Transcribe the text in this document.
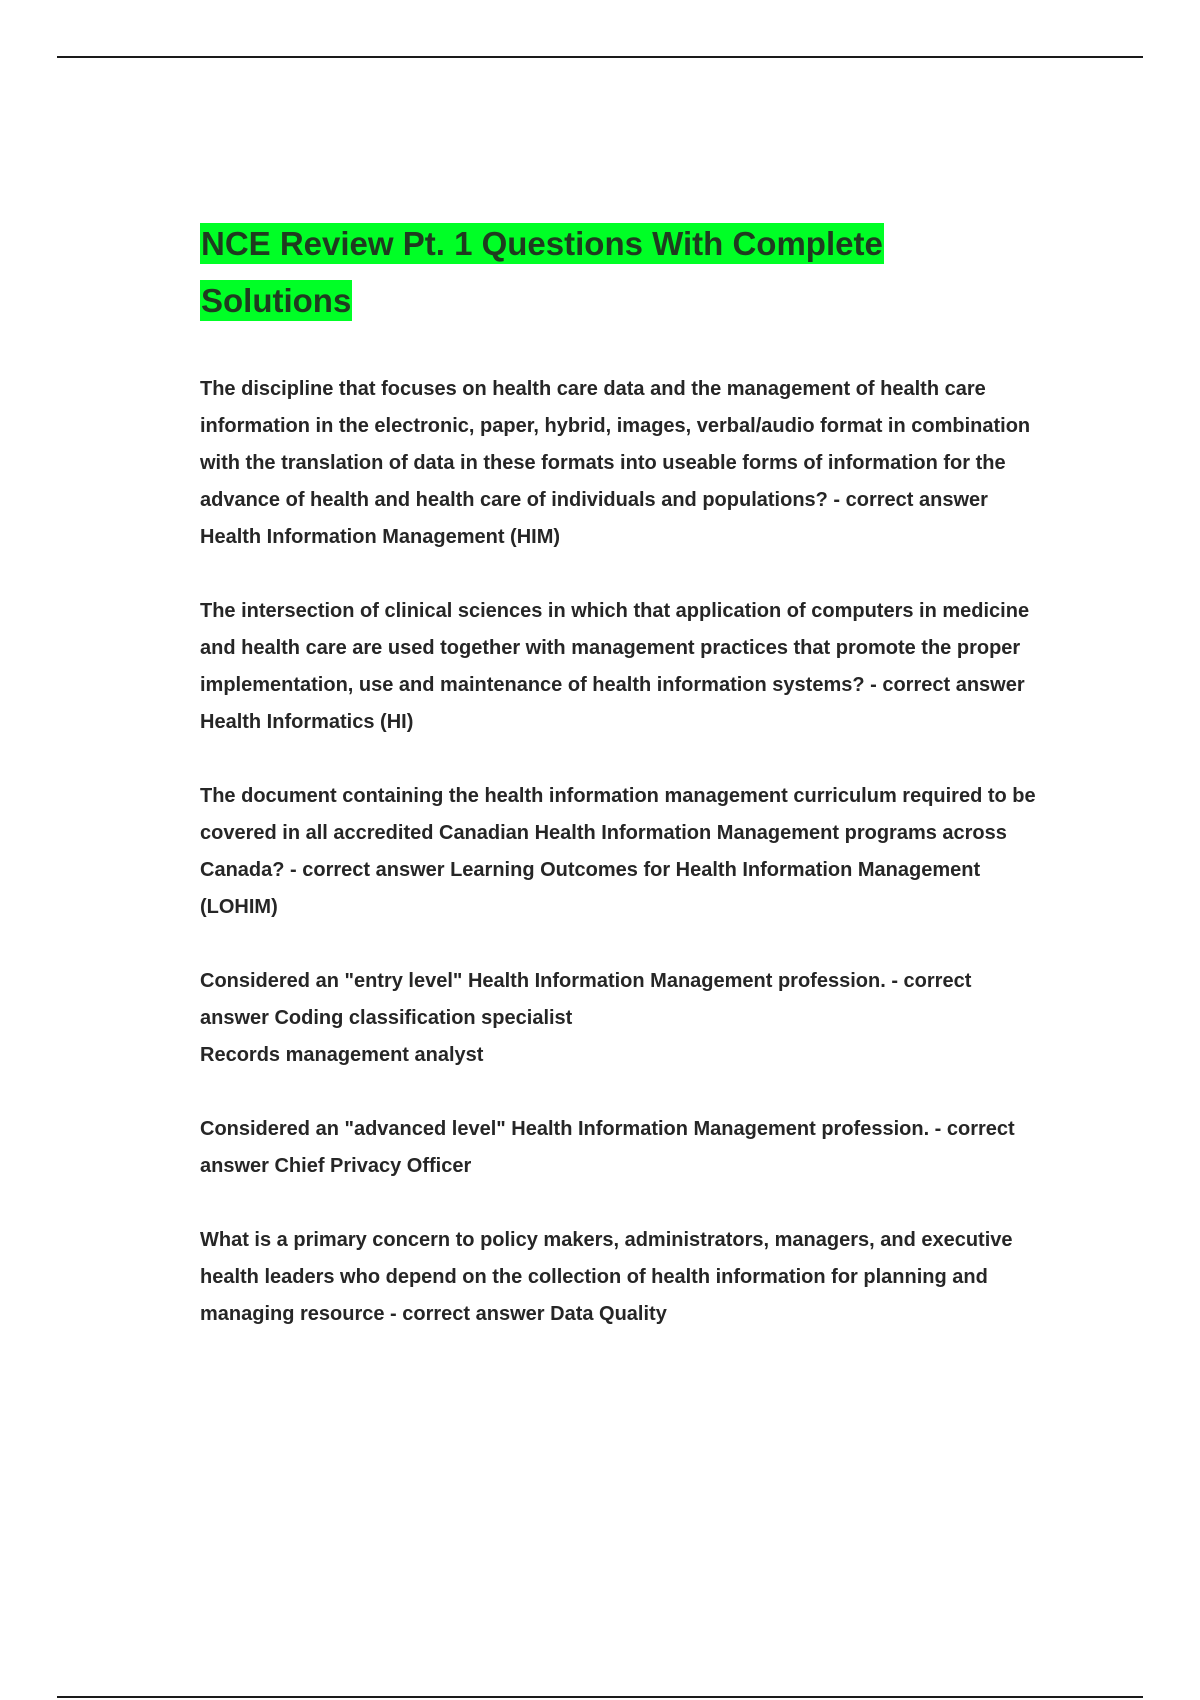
NCE Review Pt. 1 Questions With Complete Solutions

The discipline that focuses on health care data and the management of health care information in the electronic, paper, hybrid, images, verbal/audio format in combination with the translation of data in these formats into useable forms of information for the advance of health and health care of individuals and populations? - correct answer Health Information Management (HIM)

The intersection of clinical sciences in which that application of computers in medicine and health care are used together with management practices that promote the proper implementation, use and maintenance of health information systems? - correct answer Health Informatics (HI)

The document containing the health information management curriculum required to be covered in all accredited Canadian Health Information Management programs across Canada? - correct answer Learning Outcomes for Health Information Management (LOHIM)

Considered an "entry level" Health Information Management profession. - correct answer Coding classification specialist
Records management analyst

Considered an "advanced level" Health Information Management profession. - correct answer Chief Privacy Officer

What is a primary concern to policy makers, administrators, managers, and executive health leaders who depend on the collection of health information for planning and managing resource - correct answer Data Quality
